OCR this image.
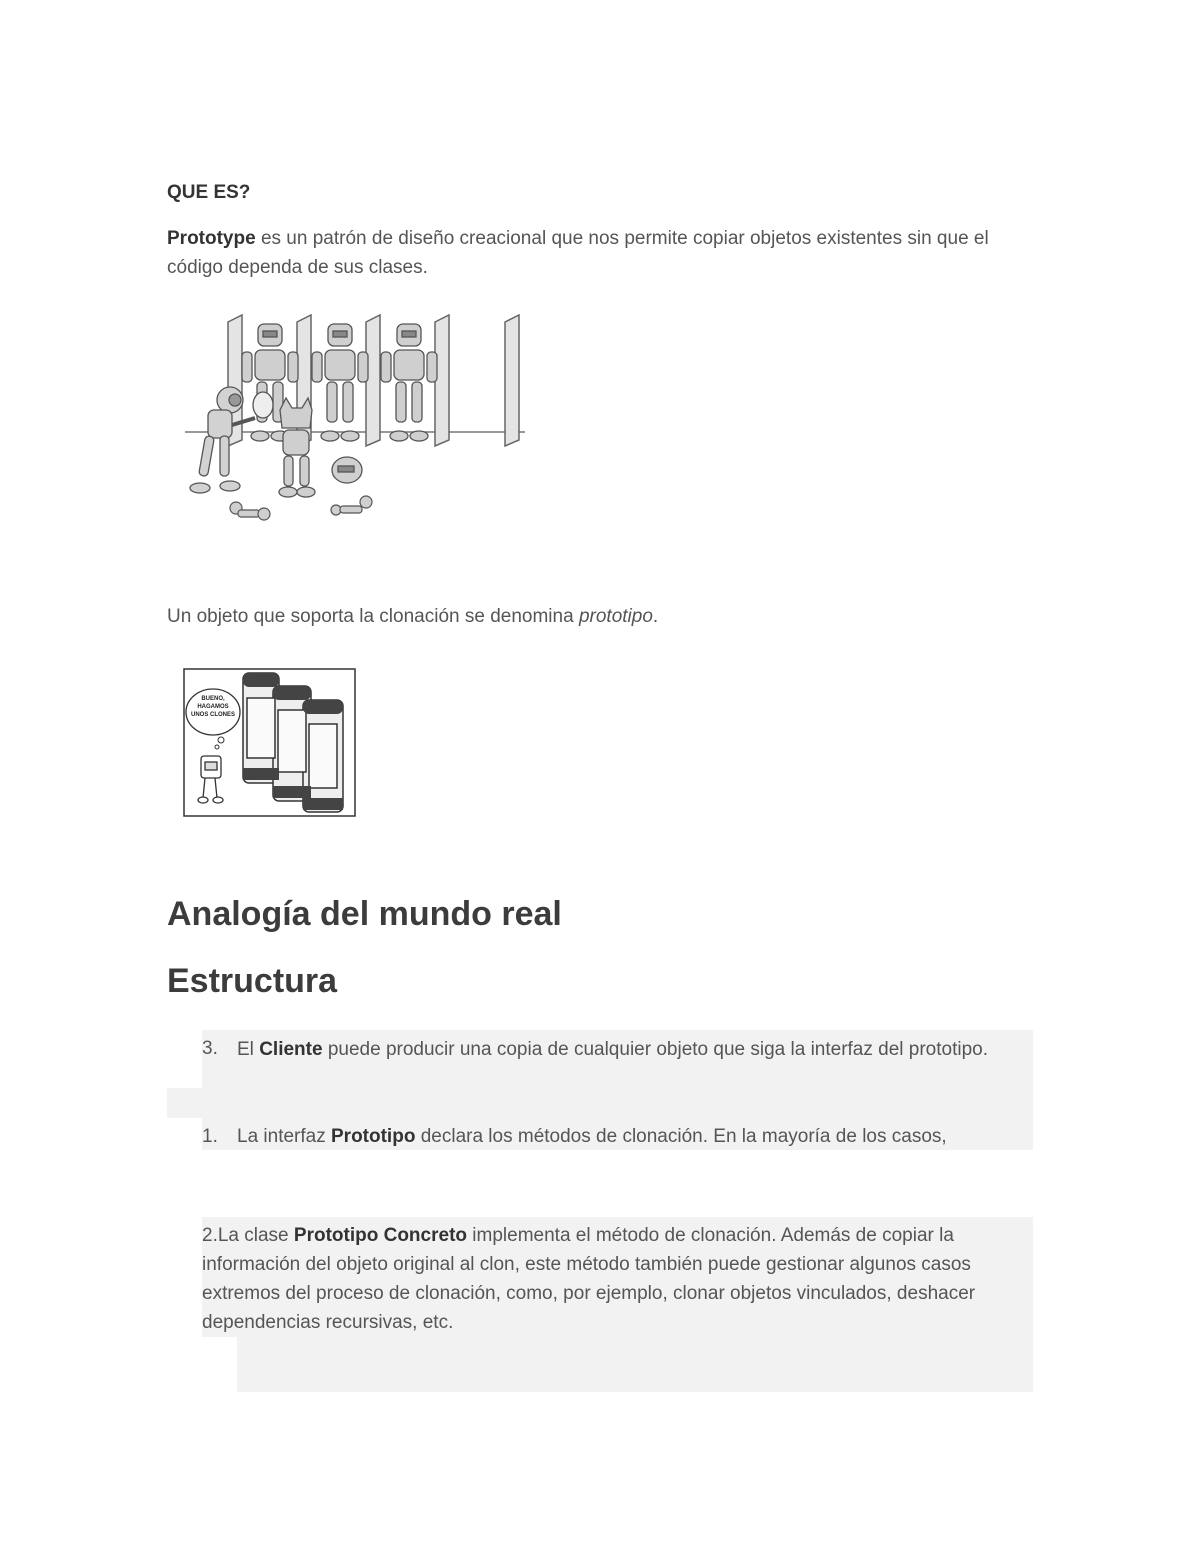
QUE ES?
Prototype es un patrón de diseño creacional que nos permite copiar objetos existentes sin que el código dependa de sus clases.
Un objeto que soporta la clonación se denomina prototipo.
BUENO, HAGAMOS UNOS CLONES
Analogía del mundo real
Estructura
3. El Cliente puede producir una copia de cualquier objeto que siga la interfaz del prototipo.
1. La interfaz Prototipo declara los métodos de clonación. En la mayoría de los casos,
2.La clase Prototipo Concreto implementa el método de clonación. Además de copiar la información del objeto original al clon, este método también puede gestionar algunos casos extremos del proceso de clonación, como, por ejemplo, clonar objetos vinculados, deshacer dependencias recursivas, etc.
